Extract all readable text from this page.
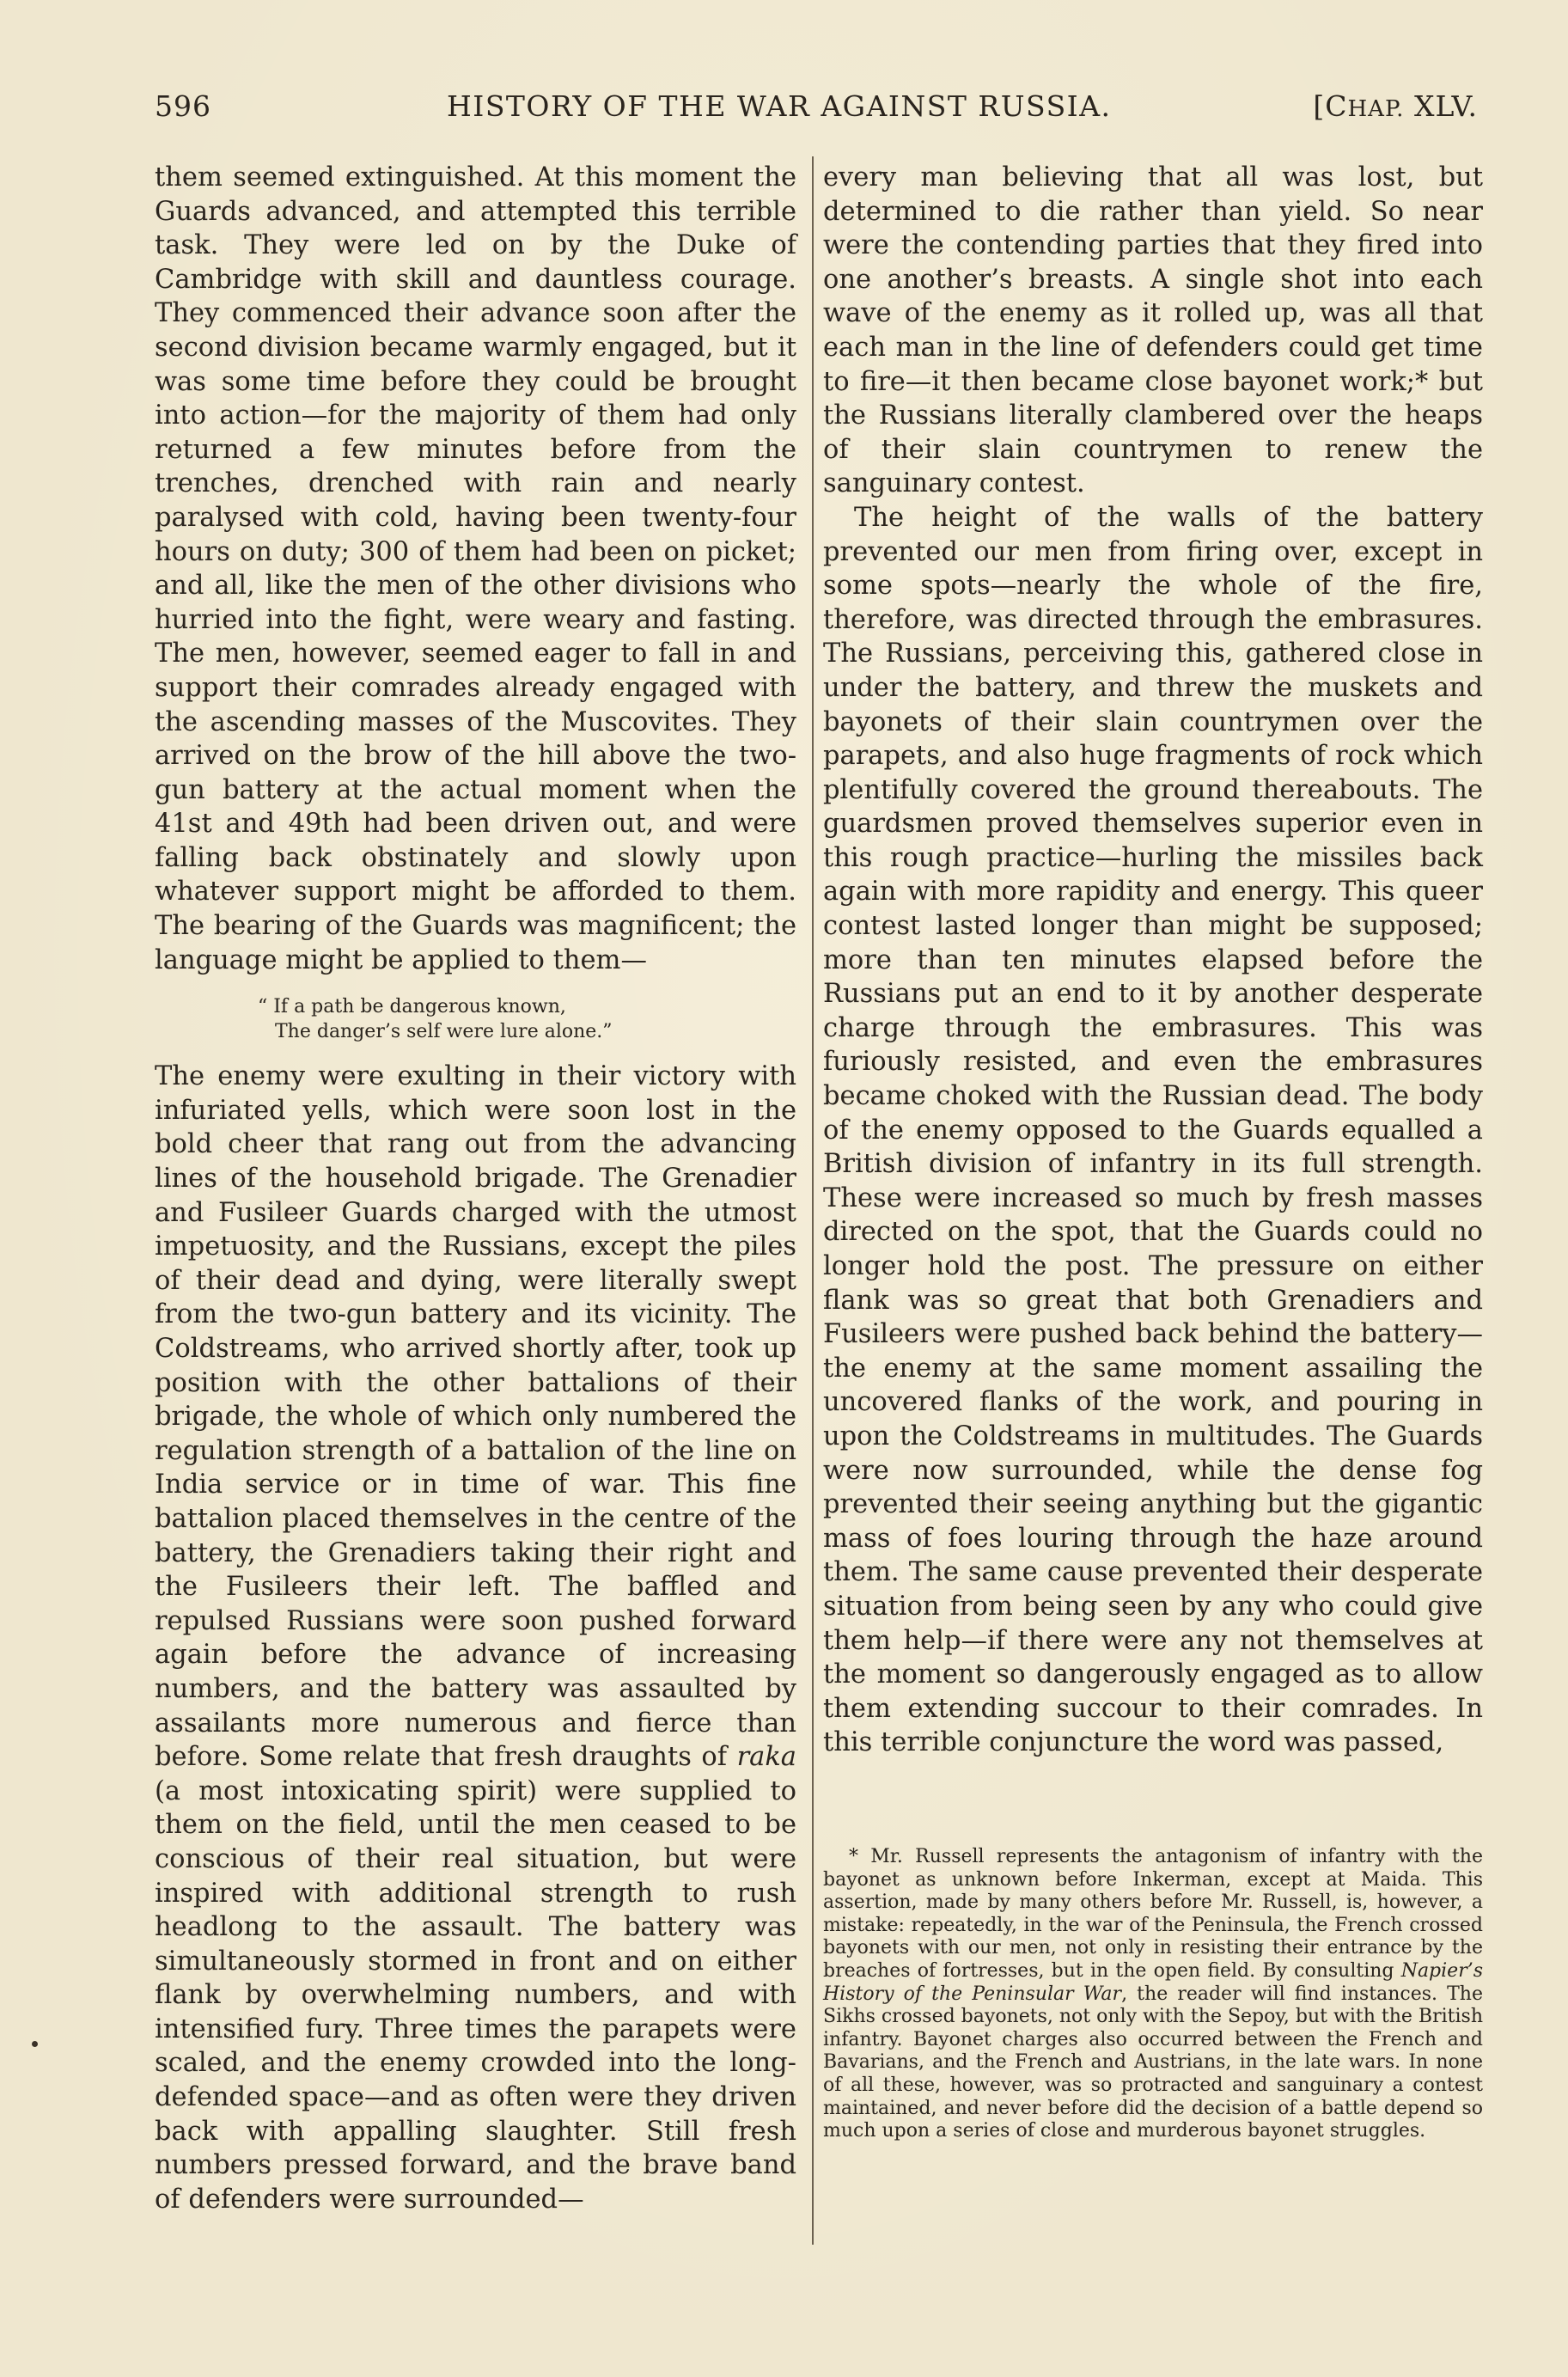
596	HISTORY OF THE WAR AGAINST RUSSIA.	[CHAP. XLV.

them seemed extinguished. At this moment the Guards advanced, and attempted this terrible task. They were led on by the Duke of Cambridge with skill and dauntless courage. They commenced their advance soon after the second division became warmly engaged, but it was some time before they could be brought into action—for the majority of them had only returned a few minutes before from the trenches, drenched with rain and nearly paralysed with cold, having been twenty-four hours on duty; 300 of them had been on picket; and all, like the men of the other divisions who hurried into the fight, were weary and fasting. The men, however, seemed eager to fall in and support their comrades already engaged with the ascending masses of the Muscovites. They arrived on the brow of the hill above the two-gun battery at the actual moment when the 41st and 49th had been driven out, and were falling back obstinately and slowly upon whatever support might be afforded to them. The bearing of the Guards was magnificent; the language might be applied to them—

“ If a path be dangerous known,
The danger’s self were lure alone.”

The enemy were exulting in their victory with infuriated yells, which were soon lost in the bold cheer that rang out from the advancing lines of the household brigade. The Grenadier and Fusileer Guards charged with the utmost impetuosity, and the Russians, except the piles of their dead and dying, were literally swept from the two-gun battery and its vicinity. The Coldstreams, who arrived shortly after, took up position with the other battalions of their brigade, the whole of which only numbered the regulation strength of a battalion of the line on India service or in time of war. This fine battalion placed themselves in the centre of the battery, the Grenadiers taking their right and the Fusileers their left. The baffled and repulsed Russians were soon pushed forward again before the advance of increasing numbers, and the battery was assaulted by assailants more numerous and fierce than before. Some relate that fresh draughts of raka (a most intoxicating spirit) were supplied to them on the field, until the men ceased to be conscious of their real situation, but were inspired with additional strength to rush headlong to the assault. The battery was simultaneously stormed in front and on either flank by overwhelming numbers, and with intensified fury. Three times the parapets were scaled, and the enemy crowded into the long-defended space—and as often were they driven back with appalling slaughter. Still fresh numbers pressed forward, and the brave band of defenders were surrounded—

every man believing that all was lost, but determined to die rather than yield. So near were the contending parties that they fired into one another’s breasts. A single shot into each wave of the enemy as it rolled up, was all that each man in the line of defenders could get time to fire—it then became close bayonet work;* but the Russians literally clambered over the heaps of their slain countrymen to renew the sanguinary contest.

The height of the walls of the battery prevented our men from firing over, except in some spots—nearly the whole of the fire, therefore, was directed through the embrasures. The Russians, perceiving this, gathered close in under the battery, and threw the muskets and bayonets of their slain countrymen over the parapets, and also huge fragments of rock which plentifully covered the ground thereabouts. The guardsmen proved themselves superior even in this rough practice—hurling the missiles back again with more rapidity and energy. This queer contest lasted longer than might be supposed; more than ten minutes elapsed before the Russians put an end to it by another desperate charge through the embrasures. This was furiously resisted, and even the embrasures became choked with the Russian dead. The body of the enemy opposed to the Guards equalled a British division of infantry in its full strength. These were increased so much by fresh masses directed on the spot, that the Guards could no longer hold the post. The pressure on either flank was so great that both Grenadiers and Fusileers were pushed back behind the battery—the enemy at the same moment assailing the uncovered flanks of the work, and pouring in upon the Coldstreams in multitudes. The Guards were now surrounded, while the dense fog prevented their seeing anything but the gigantic mass of foes louring through the haze around them. The same cause prevented their desperate situation from being seen by any who could give them help—if there were any not themselves at the moment so dangerously engaged as to allow them extending succour to their comrades. In this terrible conjuncture the word was passed,

* Mr. Russell represents the antagonism of infantry with the bayonet as unknown before Inkerman, except at Maida. This assertion, made by many others before Mr. Russell, is, however, a mistake: repeatedly, in the war of the Peninsula, the French crossed bayonets with our men, not only in resisting their entrance by the breaches of fortresses, but in the open field. By consulting Napier’s History of the Peninsular War, the reader will find instances. The Sikhs crossed bayonets, not only with the Sepoy, but with the British infantry. Bayonet charges also occurred between the French and Bavarians, and the French and Austrians, in the late wars. In none of all these, however, was so protracted and sanguinary a contest maintained, and never before did the decision of a battle depend so much upon a series of close and murderous bayonet struggles.
